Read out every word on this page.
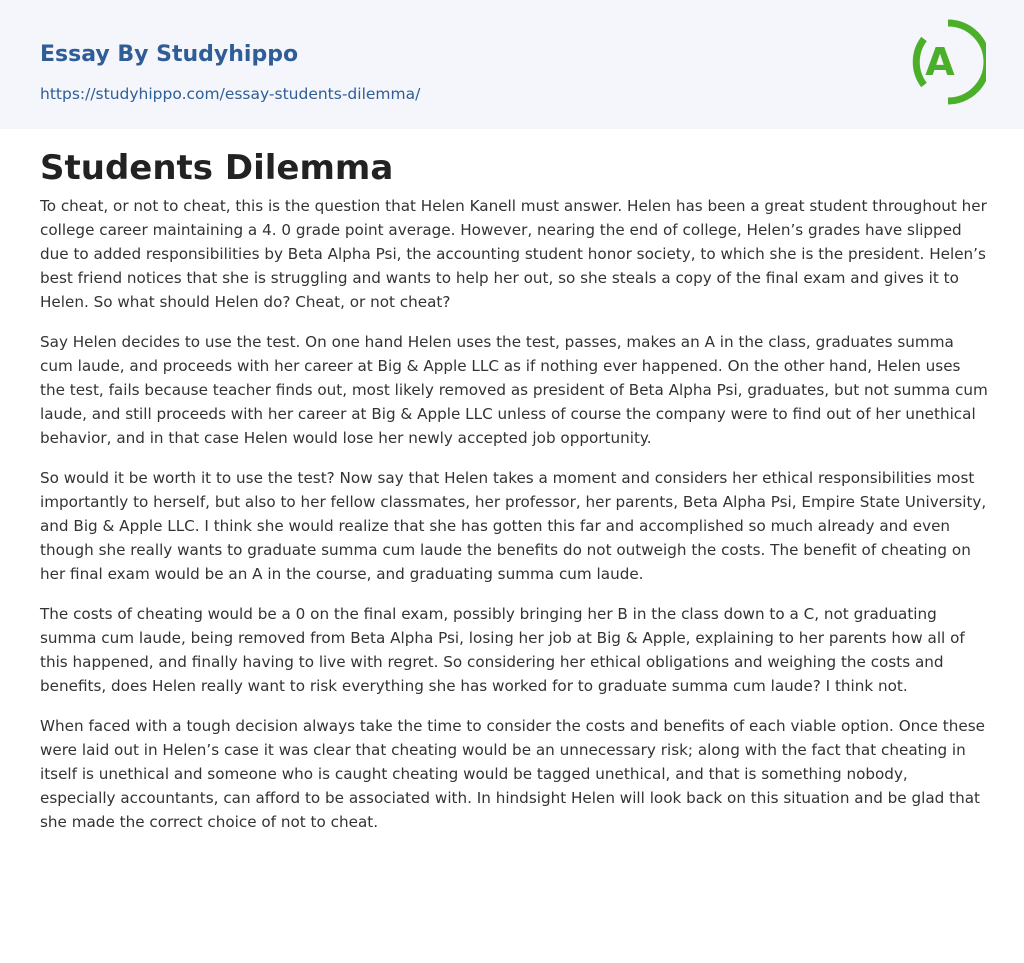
Essay By Studyhippo
https://studyhippo.com/essay-students-dilemma/
A
Students Dilemma

To cheat, or not to cheat, this is the question that Helen Kanell must answer. Helen has been a great student throughout her college career maintaining a 4. 0 grade point average. However, nearing the end of college, Helen’s grades have slipped due to added responsibilities by Beta Alpha Psi, the accounting student honor society, to which she is the president. Helen’s best friend notices that she is struggling and wants to help her out, so she steals a copy of the final exam and gives it to Helen. So what should Helen do? Cheat, or not cheat?

Say Helen decides to use the test. On one hand Helen uses the test, passes, makes an A in the class, graduates summa cum laude, and proceeds with her career at Big & Apple LLC as if nothing ever happened. On the other hand, Helen uses the test, fails because teacher finds out, most likely removed as president of Beta Alpha Psi, graduates, but not summa cum laude, and still proceeds with her career at Big & Apple LLC unless of course the company were to find out of her unethical behavior, and in that case Helen would lose her newly accepted job opportunity.

So would it be worth it to use the test? Now say that Helen takes a moment and considers her ethical responsibilities most importantly to herself, but also to her fellow classmates, her professor, her parents, Beta Alpha Psi, Empire State University, and Big & Apple LLC. I think she would realize that she has gotten this far and accomplished so much already and even though she really wants to graduate summa cum laude the benefits do not outweigh the costs. The benefit of cheating on her final exam would be an A in the course, and graduating summa cum laude.

The costs of cheating would be a 0 on the final exam, possibly bringing her B in the class down to a C, not graduating summa cum laude, being removed from Beta Alpha Psi, losing her job at Big & Apple, explaining to her parents how all of this happened, and finally having to live with regret. So considering her ethical obligations and weighing the costs and benefits, does Helen really want to risk everything she has worked for to graduate summa cum laude? I think not.

When faced with a tough decision always take the time to consider the costs and benefits of each viable option. Once these were laid out in Helen’s case it was clear that cheating would be an unnecessary risk; along with the fact that cheating in itself is unethical and someone who is caught cheating would be tagged unethical, and that is something nobody, especially accountants, can afford to be associated with. In hindsight Helen will look back on this situation and be glad that she made the correct choice of not to cheat.
